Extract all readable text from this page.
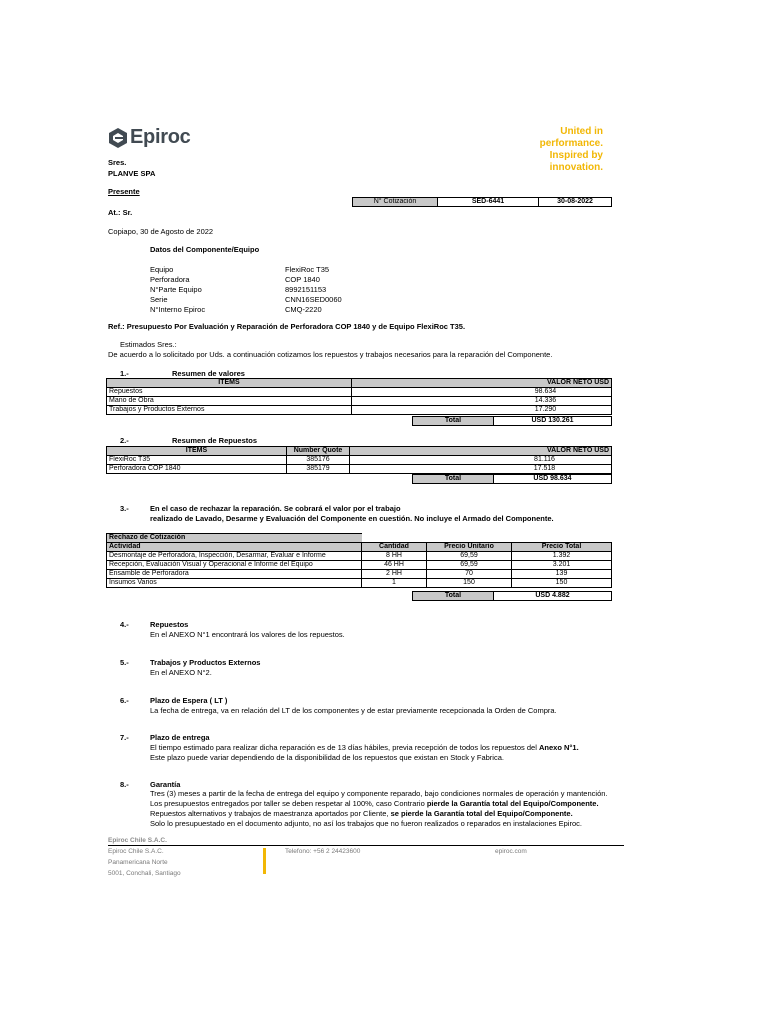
Epiroc	United in
performance.
Inspired by
innovation.
Sres.
PLANVE SPA
Presente
At.: Sr.
N° Cotización	SED-6441	30-08-2022
Copiapo, 30 de Agosto de 2022
Datos del Componente/Equipo
Equipo	FlexiRoc T35
Perforadora	COP 1840
N°Parte Equipo	8992151153
Serie	CNN16SED0060
N°Interno Epiroc	CMQ-2220
Ref.: Presupuesto Por Evaluación y Reparación de Perforadora COP 1840 y de Equipo FlexiRoc T35.
Estimados Sres.:
De acuerdo a lo solicitado por Uds. a continuación cotizamos los repuestos y trabajos necesarios para la reparación del Componente.
1.-	Resumen de valores
ITEMS	VALOR NETO USD
Repuestos	98.634
Mano de Obra	14.336
Trabajos y Productos Externos	17.290
Total	USD 130.261
2.-	Resumen de Repuestos
ITEMS	Number Quote	VALOR NETO USD
FlexiRoc T35	385176	81.116
Perforadora COP 1840	385179	17.518
Total	USD 98.634
3.-	En el caso de rechazar la reparación. Se cobrará el valor por el trabajo
realizado de Lavado, Desarme y Evaluación del Componente en cuestión. No incluye el Armado del Componente.
Rechazo de Cotización			
Actividad	Cantidad	Precio Unitario	Precio Total
Desmontaje de Perforadora, Inspección, Desarmar, Evaluar e Informe	8 HH	69,59	1.392
Recepción, Evaluación Visual y Operacional e Informe del Equipo	46 HH	69,59	3.201
Ensamble de Perforadora	2 HH	70	139
Insumos Varios	1	150	150
Total	USD 4.882
4.-	Repuestos
En el ANEXO N°1 encontrará los valores de los repuestos.
5.-	Trabajos y Productos Externos
En el ANEXO N°2.
6.-	Plazo de Espera ( LT )
La fecha de entrega, va en relación del LT de los componentes y de estar previamente recepcionada la Orden de Compra.
7.-	Plazo de entrega
El tiempo estimado para realizar dicha reparación es de 13 días hábiles, previa recepción de todos los repuestos del Anexo N°1.
Este plazo puede variar dependiendo de la disponibilidad de los repuestos que existan en Stock y Fabrica.
8.-	Garantía
Tres (3) meses a partir de la fecha de entrega del equipo y componente reparado, bajo condiciones normales de operación y mantención.
Los presupuestos entregados por taller se deben respetar al 100%, caso Contrario pierde la Garantía total del Equipo/Componente.
Repuestos alternativos y trabajos de maestranza aportados por Cliente, se pierde la Garantía total del Equipo/Componente.
Solo lo presupuestado en el documento adjunto, no así los trabajos que no fueron realizados o reparados en instalaciones Epiroc.
Epiroc Chile S.A.C.
Epiroc Chile S.A.C.
Panamericana Norte
5001, Conchali, Santiago
Telefono: +56 2 24423600	epiroc.com
